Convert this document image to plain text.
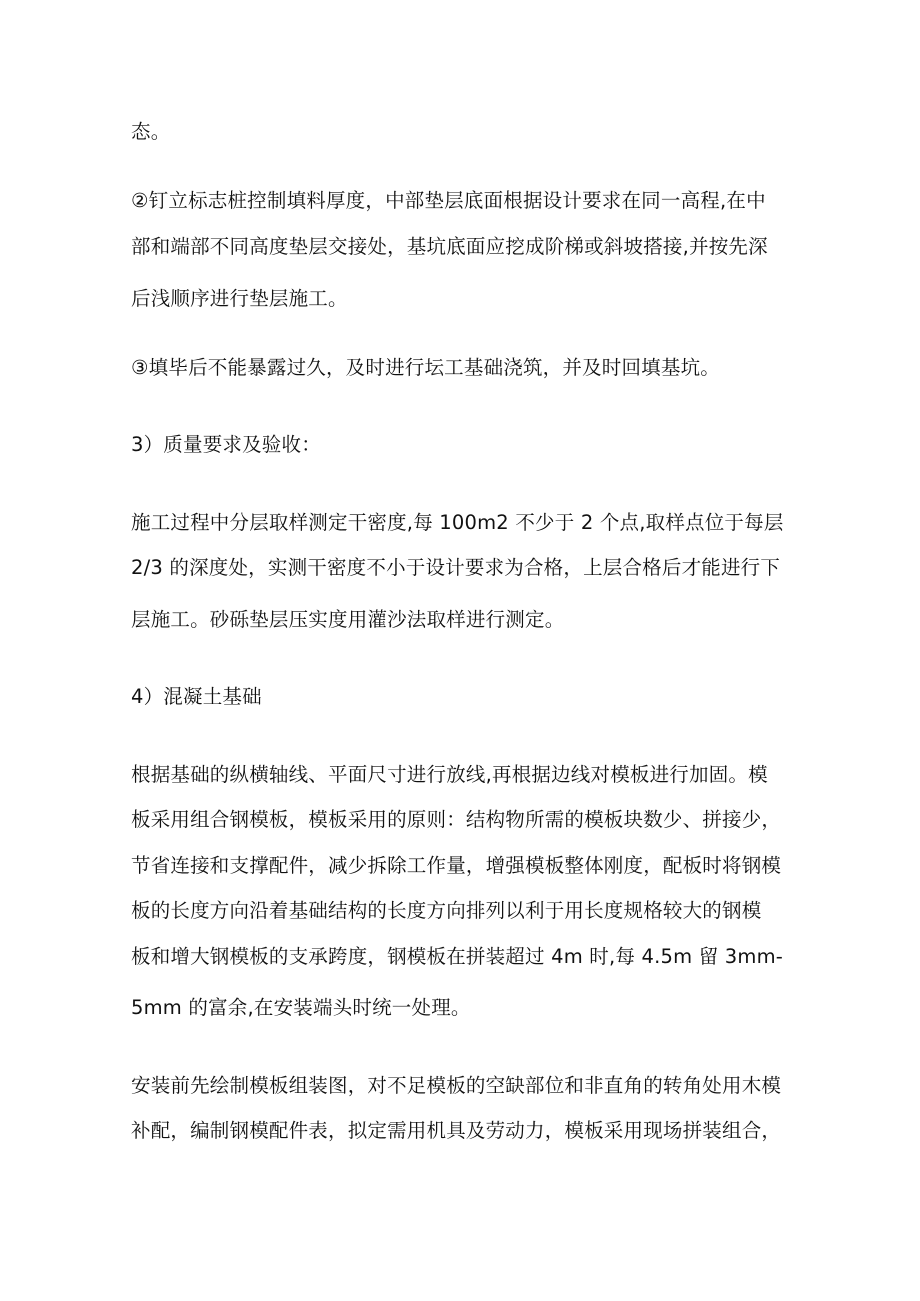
态。
②钉立标志桩控制填料厚度，中部垫层底面根据设计要求在同一高程,在中
部和端部不同高度垫层交接处，基坑底面应挖成阶梯或斜坡搭接,并按先深
后浅顺序进行垫层施工。
③填毕后不能暴露过久，及时进行坛工基础浇筑，并及时回填基坑。
3）质量要求及验收：
施工过程中分层取样测定干密度,每 100m2 不少于 2 个点,取样点位于每层
2/3 的深度处，实测干密度不小于设计要求为合格，上层合格后才能进行下
层施工。砂砾垫层压实度用灌沙法取样进行测定。
4）混凝土基础
根据基础的纵横轴线、平面尺寸进行放线,再根据边线对模板进行加固。模
板采用组合钢模板，模板采用的原则：结构物所需的模板块数少、拼接少，
节省连接和支撑配件，减少拆除工作量，增强模板整体刚度，配板时将钢模
板的长度方向沿着基础结构的长度方向排列以利于用长度规格较大的钢模
板和增大钢模板的支承跨度，钢模板在拼装超过 4m 时,每 4.5m 留 3mm-
5mm 的富余,在安装端头时统一处理。
安装前先绘制模板组装图，对不足模板的空缺部位和非直角的转角处用木模
补配，编制钢模配件表，拟定需用机具及劳动力，模板采用现场拼装组合，
